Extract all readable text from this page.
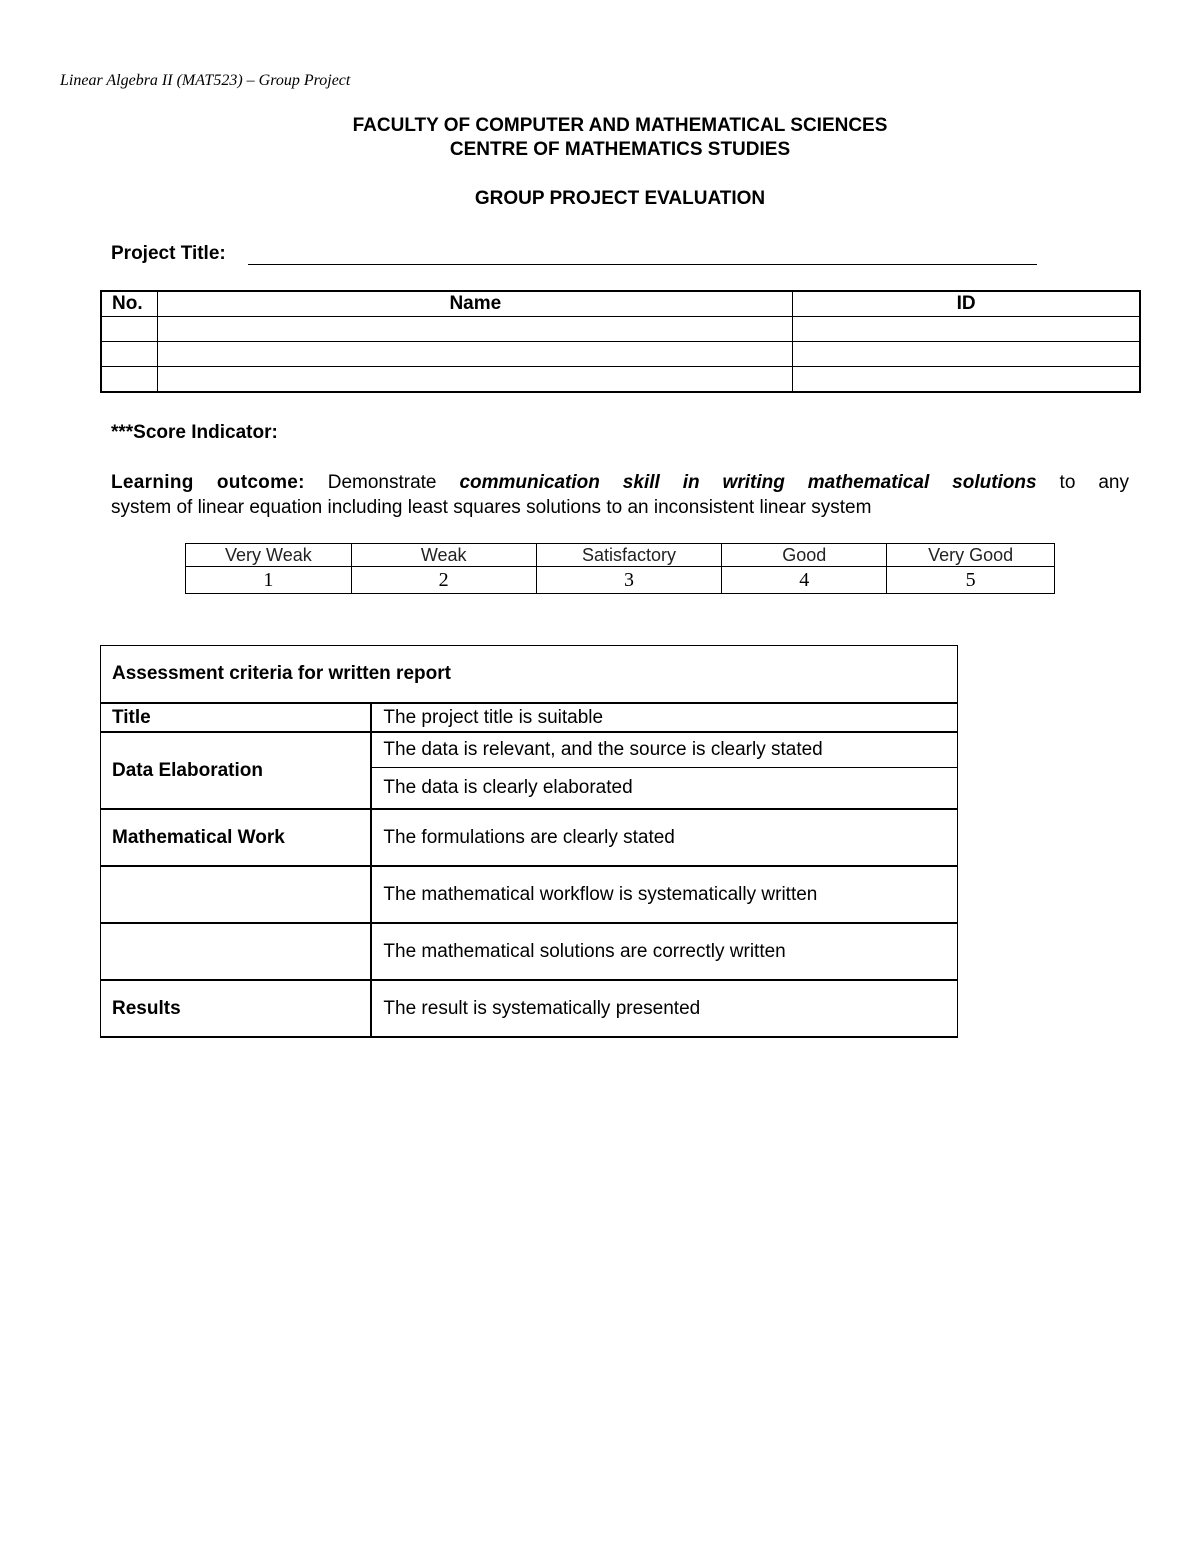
Linear Algebra II (MAT523) – Group Project
FACULTY OF COMPUTER AND MATHEMATICAL SCIENCES
CENTRE OF MATHEMATICS STUDIES
GROUP PROJECT EVALUATION
Project Title:
No.	Name	ID

***Score Indicator:
Learning outcome: Demonstrate communication skill in writing mathematical solutions to any
system of linear equation including least squares solutions to an inconsistent linear system
Very Weak	Weak	Satisfactory	Good	Very Good
1	2	3	4	5
Assessment criteria for written report	
Title	The project title is suitable
Data Elaboration	The data is relevant, and the source is clearly stated
	The data is clearly elaborated
Mathematical Work	The formulations are clearly stated
	The mathematical workflow is systematically written
	The mathematical solutions are correctly written
Results	The result is systematically presented
